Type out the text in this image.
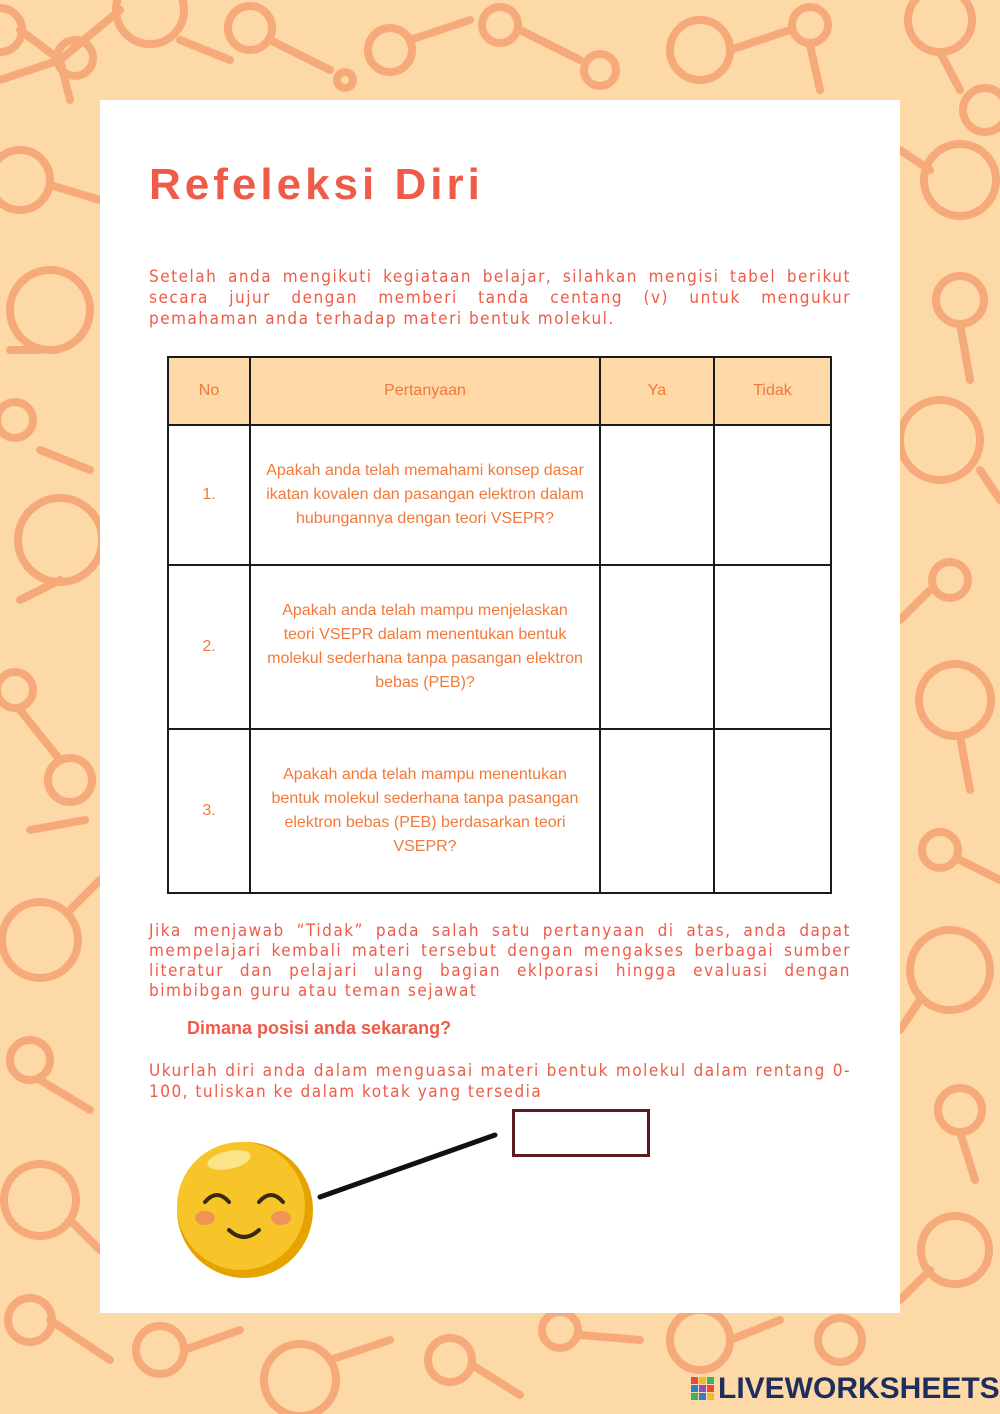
Refeleksi Diri

Setelah anda mengikuti kegiataan belajar, silahkan mengisi tabel berikut secara jujur dengan memberi tanda centang (v) untuk mengukur pemahaman anda terhadap materi bentuk molekul.

No	Pertanyaan	Ya	Tidak
1.	Apakah anda telah memahami konsep dasar ikatan kovalen dan pasangan elektron dalam hubungannya dengan teori VSEPR?		
2.	Apakah anda telah mampu menjelaskan teori VSEPR dalam menentukan bentuk molekul sederhana tanpa pasangan elektron bebas (PEB)?		
3.	Apakah anda telah mampu menentukan bentuk molekul sederhana tanpa pasangan elektron bebas (PEB) berdasarkan teori VSEPR?		

Jika menjawab “Tidak” pada salah satu pertanyaan di atas, anda dapat mempelajari kembali materi tersebut dengan mengakses berbagai sumber literatur dan pelajari ulang bagian eklporasi hingga evaluasi dengan bimbibgan guru atau teman sejawat

Dimana posisi anda sekarang?

Ukurlah diri anda dalam menguasai materi bentuk molekul dalam rentang 0-100, tuliskan ke dalam kotak yang tersedia

LIVEWORKSHEETS
